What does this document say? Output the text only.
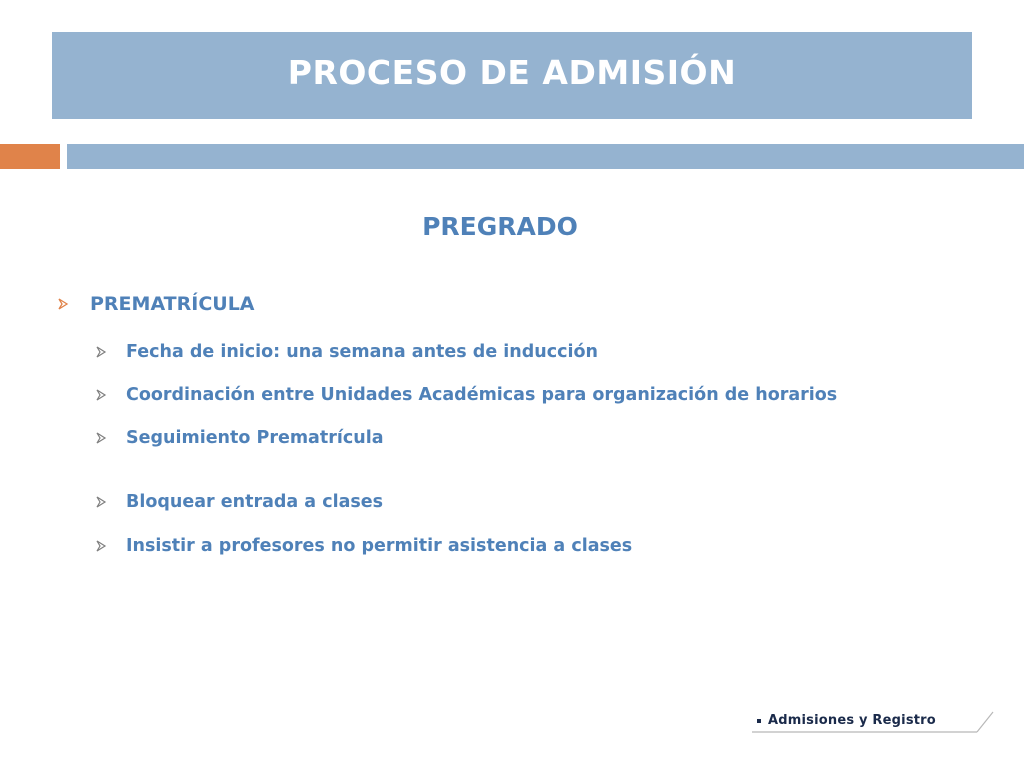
PROCESO DE ADMISIÓN
PREGRADO
PREMATRÍCULA
Fecha de inicio: una semana antes de inducción
Coordinación entre Unidades Académicas para organización de horarios
Seguimiento Prematrícula
Bloquear entrada a clases
Insistir a profesores no permitir asistencia a clases
Admisiones y Registro
